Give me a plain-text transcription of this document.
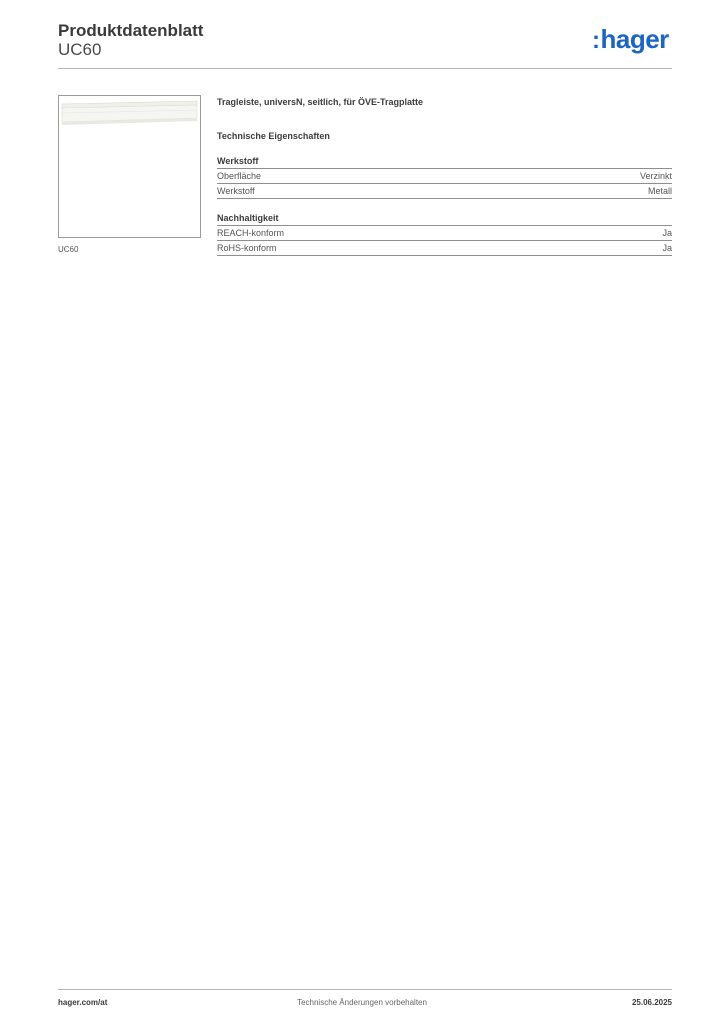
Produktdatenblatt
UC60	:hager
UC60
Tragleiste, universN, seitlich, für ÖVE-Tragplatte
Technische Eigenschaften
Werkstoff
Oberfläche	Verzinkt
Werkstoff	Metall
Nachhaltigkeit
REACH-konform	Ja
RoHS-konform	Ja
hager.com/at	Technische Änderungen vorbehalten	25.06.2025
